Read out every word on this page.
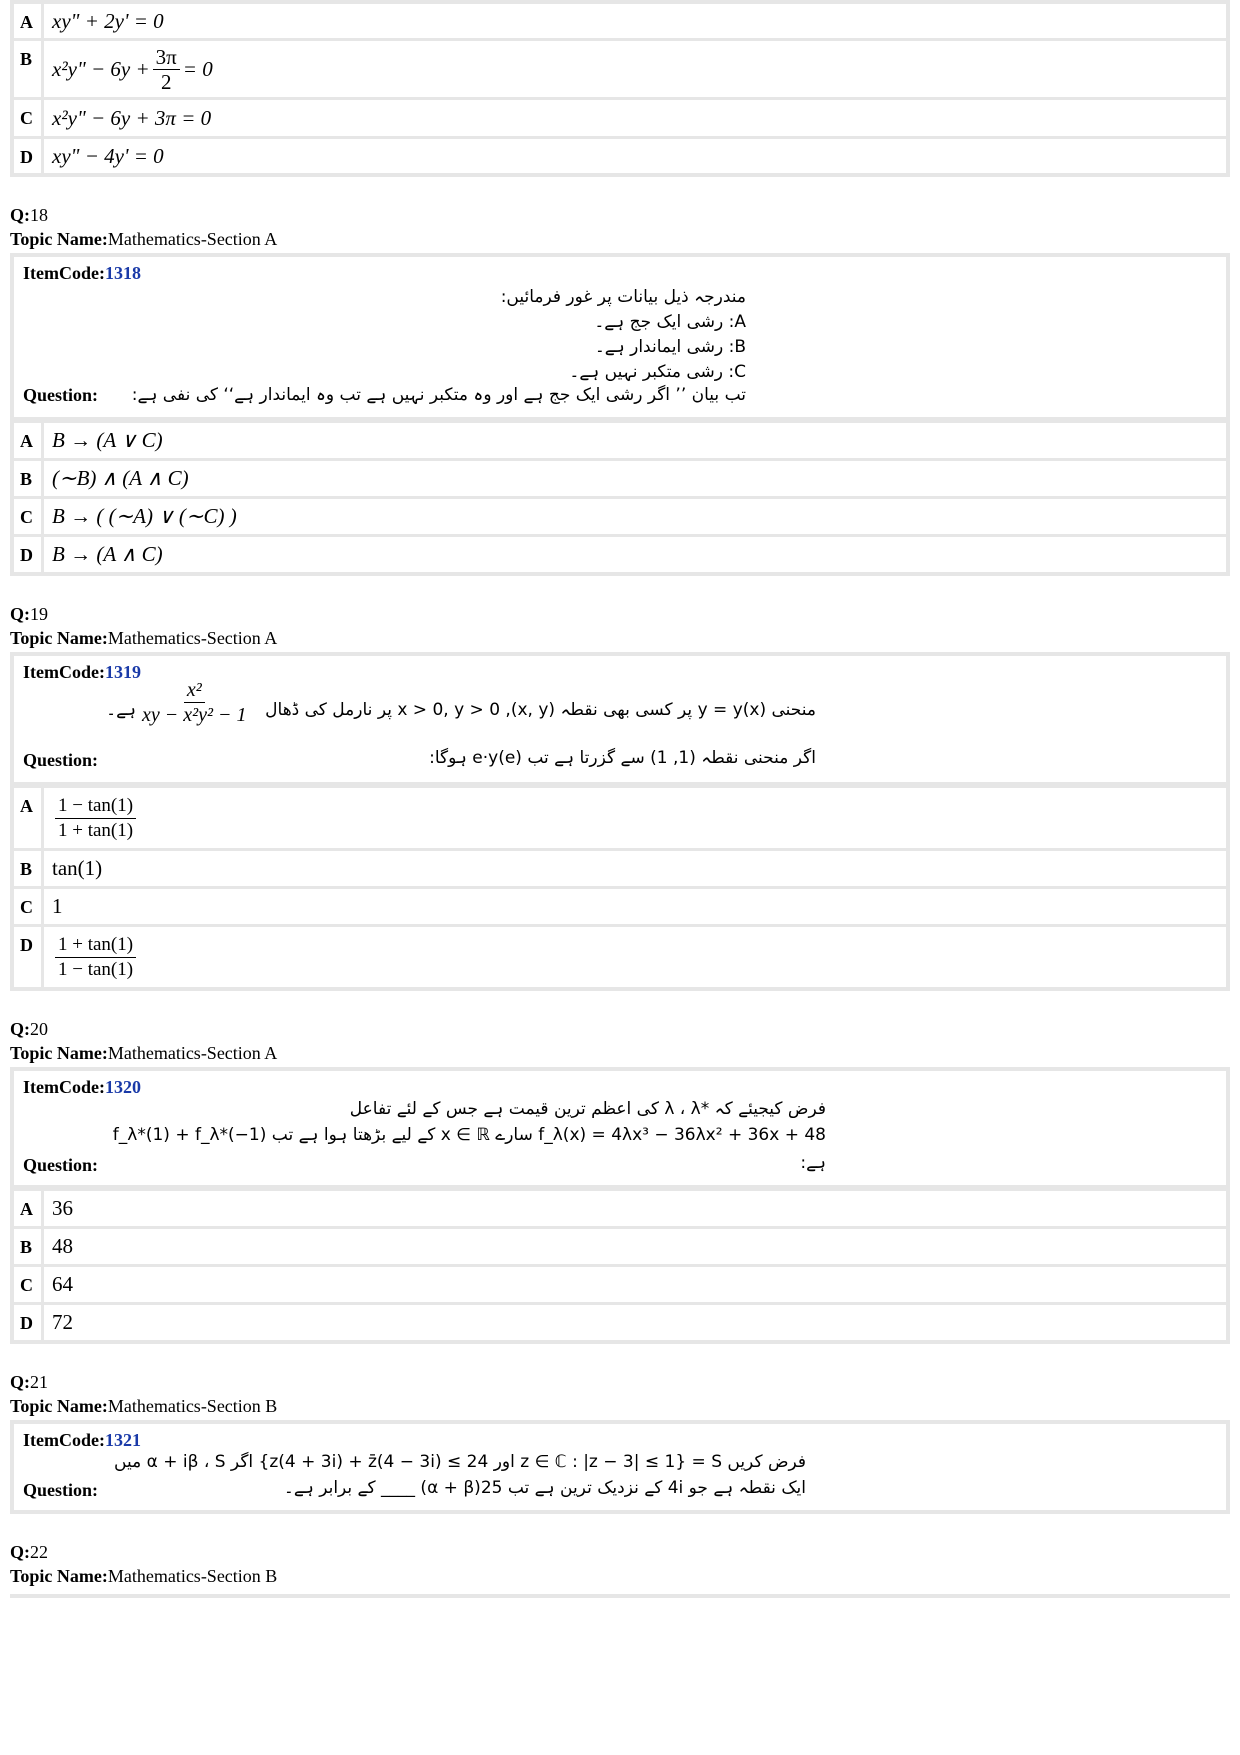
A xy" + 2y' = 0
B x²y" − $6y + \frac{3\pi}{2} = 0$
C x²y" − 6y + 3π = 0
D xy" − 4y' = 0
Q:18
Topic Name:Mathematics-Section A
ItemCode:1318
مندرجہ ذیل بیانات پر غور فرمائیں:
A: رشی ایک جج ہے۔
B: رشی ایماندار ہے۔
C: رشی متکبر نہیں ہے۔
تب بیان ’’ اگر رشی ایک جج ہے اور وہ متکبر نہیں ہے تب وہ ایماندار ہے‘‘ کی نفی ہے:
Question:
A B → (A ∨ C)
B (∼B) ∧ (A ∧ C)
C B → ( (∼A) ∨ (∼C) )
D B → (A ∧ C)
Q:19
Topic Name:Mathematics-Section A
ItemCode:1319
منحنی y = y(x) پر کسی بھی نقطہ (x, y), x > 0, y > 0 پر نارمل کی ڈھال
$\frac{\text{x²}}{\text{xy − x²y² − 1}}$
ہے۔
اگر منحنی نقطہ (1, 1) سے گزرتا ہے تب e·y(e) ہوگا:
Question:
A	$\frac{1 - \tan(1)}{1 + \tan(1)}$
B tan(1)
C 1
D	$\frac{1 + \tan(1)}{1 - \tan(1)}$
Q:20
Topic Name:Mathematics-Section A
ItemCode:1320
فرض کیجیئے کہ *λ ، λ کی اعظم ترین قیمت ہے جس کے لئے تفاعل
f_λ(x) = 4λx³ − 36λx² + 36x + 48 سارے x ∈ ℝ کے لیے بڑھتا ہوا ہے تب f_λ*(1) + f_λ*(−1)
ہے:
Question:
A 36
B 48
C 64
D 72
Q:21
Topic Name:Mathematics-Section B
ItemCode:1321
فرض کریں S = {z ∈ ℂ : |z − 3| ≤ 1 اور z(4 + 3i) + z̄(4 − 3i) ≤ 24} اگر α + iβ ، S میں
ایک نقطہ ہے جو 4i کے نزدیک ترین ہے تب 25(α + β) ____ کے برابر ہے۔
Question:
Q:22
Topic Name:Mathematics-Section B
